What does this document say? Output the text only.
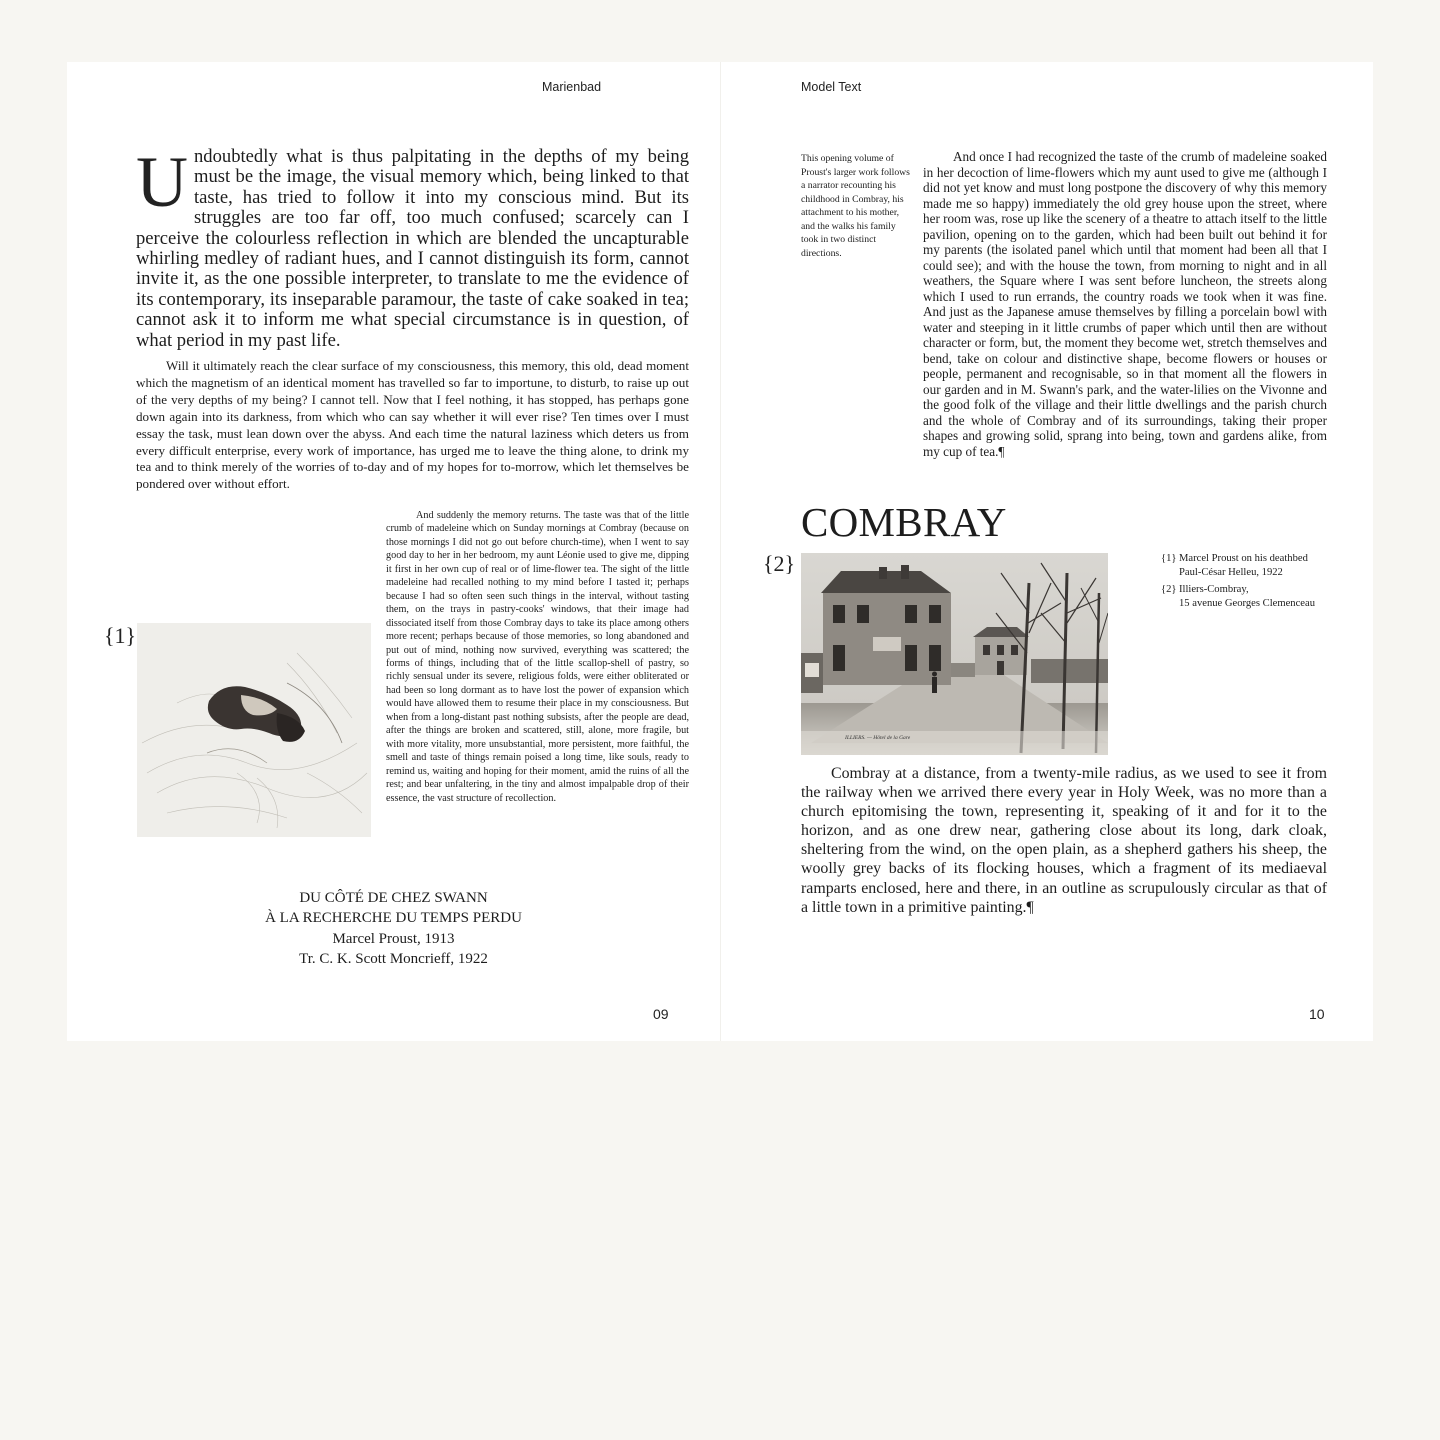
Marienbad

Undoubtedly what is thus palpitating in the depths of my being must be the image, the visual memory which, being linked to that taste, has tried to follow it into my conscious mind. But its struggles are too far off, too much confused; scarcely can I perceive the colourless reflection in which are blended the uncapturable whirling medley of radiant hues, and I cannot distinguish its form, cannot invite it, as the one possible interpreter, to translate to me the evidence of its contemporary, its inseparable paramour, the taste of cake soaked in tea; cannot ask it to inform me what special circumstance is in question, of what period in my past life.

Will it ultimately reach the clear surface of my consciousness, this memory, this old, dead moment which the magnetism of an identical moment has travelled so far to importune, to disturb, to raise up out of the very depths of my being? I cannot tell. Now that I feel nothing, it has stopped, has perhaps gone down again into its darkness, from which who can say whether it will ever rise? Ten times over I must essay the task, must lean down over the abyss. And each time the natural laziness which deters us from every difficult enterprise, every work of importance, has urged me to leave the thing alone, to drink my tea and to think merely of the worries of to-day and of my hopes for to-morrow, which let themselves be pondered over without effort.

{1}

And suddenly the memory returns. The taste was that of the little crumb of madeleine which on Sunday mornings at Combray (because on those mornings I did not go out before church-time), when I went to say good day to her in her bedroom, my aunt Léonie used to give me, dipping it first in her own cup of real or of lime-flower tea. The sight of the little madeleine had recalled nothing to my mind before I tasted it; perhaps because I had so often seen such things in the interval, without tasting them, on the trays in pastry-cooks' windows, that their image had dissociated itself from those Combray days to take its place among others more recent; perhaps because of those memories, so long abandoned and put out of mind, nothing now survived, everything was scattered; the forms of things, including that of the little scallop-shell of pastry, so richly sensual under its severe, religious folds, were either obliterated or had been so long dormant as to have lost the power of expansion which would have allowed them to resume their place in my consciousness. But when from a long-distant past nothing subsists, after the people are dead, after the things are broken and scattered, still, alone, more fragile, but with more vitality, more unsubstantial, more persistent, more faithful, the smell and taste of things remain poised a long time, like souls, ready to remind us, waiting and hoping for their moment, amid the ruins of all the rest; and bear unfaltering, in the tiny and almost impalpable drop of their essence, the vast structure of recollection.

DU CÔTÉ DE CHEZ SWANN
À LA RECHERCHE DU TEMPS PERDU
Marcel Proust, 1913
Tr. C. K. Scott Moncrieff, 1922
09
Model Text

This opening volume of Proust's larger work follows a narrator recounting his childhood in Combray, his attachment to his mother, and the walks his family took in two distinct directions.

And once I had recognized the taste of the crumb of madeleine soaked in her decoction of lime-flowers which my aunt used to give me (although I did not yet know and must long postpone the discovery of why this memory made me so happy) immediately the old grey house upon the street, where her room was, rose up like the scenery of a theatre to attach itself to the little pavilion, opening on to the garden, which had been built out behind it for my parents (the isolated panel which until that moment had been all that I could see); and with the house the town, from morning to night and in all weathers, the Square where I was sent before luncheon, the streets along which I used to run errands, the country roads we took when it was fine. And just as the Japanese amuse themselves by filling a porcelain bowl with water and steeping in it little crumbs of paper which until then are without character or form, but, the moment they become wet, stretch themselves and bend, take on colour and distinctive shape, become flowers or houses or people, permanent and recognisable, so in that moment all the flowers in our garden and in M. Swann's park, and the water-lilies on the Vivonne and the good folk of the village and their little dwellings and the parish church and the whole of Combray and of its surroundings, taking their proper shapes and growing solid, sprang into being, town and gardens alike, from my cup of tea.¶

COMBRAY
{2}
ILLIERS. — Hôtel de la Gare
{1} Marcel Proust on his deathbed
Paul-César Helleu, 1922
{2} Illiers-Combray,
15 avenue Georges Clemenceau

Combray at a distance, from a twenty-mile radius, as we used to see it from the railway when we arrived there every year in Holy Week, was no more than a church epitomising the town, representing it, speaking of it and for it to the horizon, and as one drew near, gathering close about its long, dark cloak, sheltering from the wind, on the open plain, as a shepherd gathers his sheep, the woolly grey backs of its flocking houses, which a fragment of its mediaeval ramparts enclosed, here and there, in an outline as scrupulously circular as that of a little town in a primitive painting.¶

10
